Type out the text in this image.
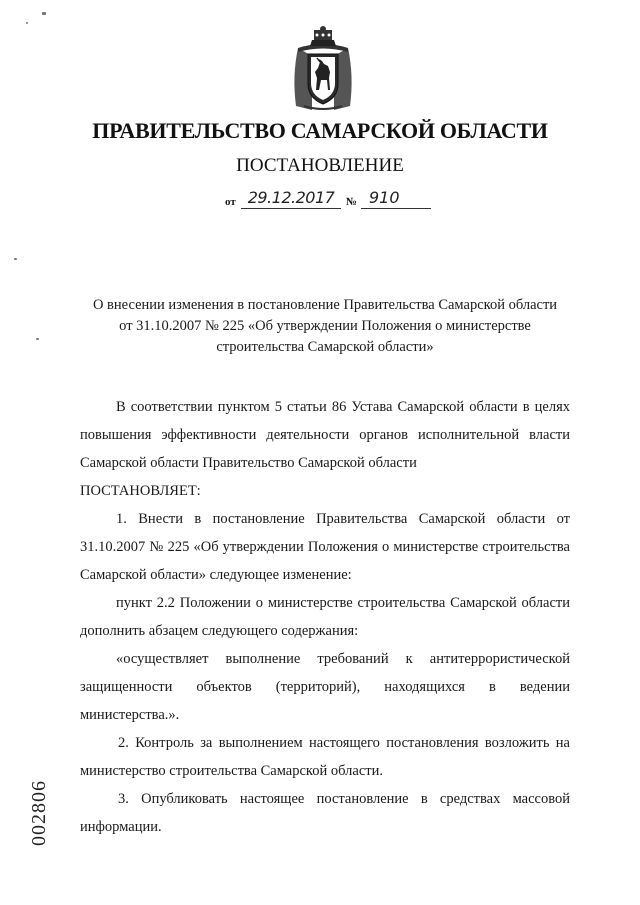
ПРАВИТЕЛЬСТВО САМАРСКОЙ ОБЛАСТИ
ПОСТАНОВЛЕНИЕ
от 29.12.2017	№ 910
О внесении изменения в постановление Правительства Самарской области
от 31.10.2007 № 225 «Об утверждении Положения о министерстве
строительства Самарской области»

В соответствии пунктом 5 статьи 86 Устава Самарской области в целях повышения эффективности деятельности органов исполнительной власти Самарской области Правительство Самарской области

ПОСТАНОВЛЯЕТ:

1. Внести в постановление Правительства Самарской области от 31.10.2007 № 225 «Об утверждении Положения о министерстве строительства Самарской области» следующее изменение:

пункт 2.2 Положении о министерстве строительства Самарской области дополнить абзацем следующего содержания:

«осуществляет выполнение требований к антитеррористической защищенности объектов (территорий), находящихся в ведении министерства.».

2. Контроль за выполнением настоящего постановления возложить на министерство строительства Самарской области.

3. Опубликовать настоящее постановление в средствах массовой информации.

002806
